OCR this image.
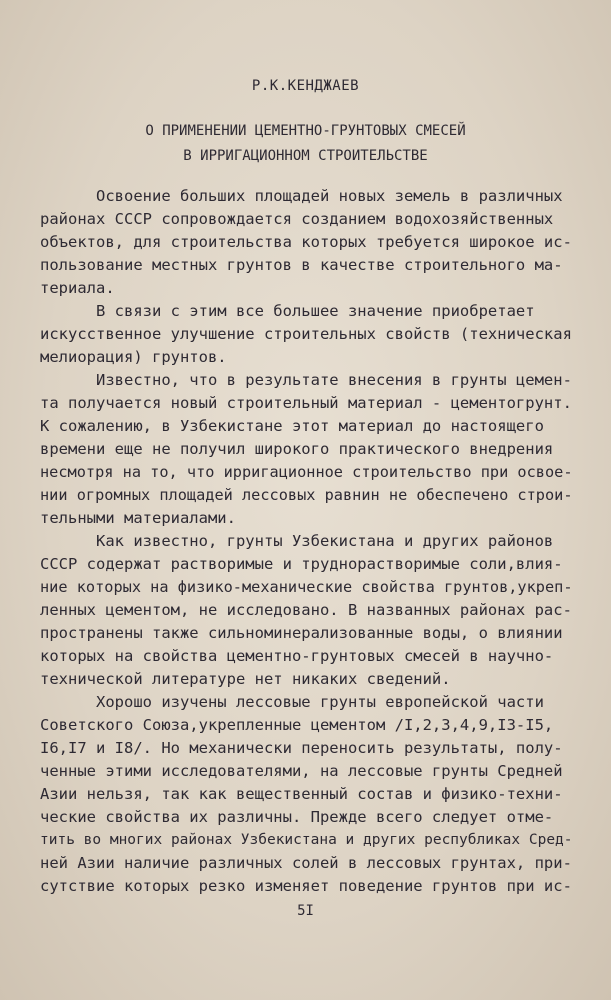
Р.К.КЕНДЖАЕВ
О ПРИМЕНЕНИИ ЦЕМЕНТНО-ГРУНТОВЫХ СМЕСЕЙ
В ИРРИГАЦИОННОМ СТРОИТЕЛЬСТВЕ
Освоение больших площадей новых земель в различных
районах СССР сопровождается созданием водохозяйственных
объектов, для строительства которых требуется широкое ис-
пользование местных грунтов в качестве строительного ма-
териала.
В связи с этим все большее значение приобретает
искусственное улучшение строительных свойств (техническая
мелиорация) грунтов.
Известно, что в результате внесения в грунты цемен-
та получается новый строительный материал - цементогрунт.
К сожалению, в Узбекистане этот материал до настоящего
времени еще не получил широкого практического внедрения
несмотря на то, что ирригационное строительство при освое-
нии огромных площадей лессовых равнин не обеспечено строи-
тельными материалами.
Как известно, грунты Узбекистана и других районов
СССР содержат растворимые и труднорастворимые соли,влия-
ние которых на физико-механические свойства грунтов,укреп-
ленных цементом, не исследовано. В названных районах рас-
пространены также сильноминерализованные воды, о влиянии
которых на свойства цементно-грунтовых смесей в научно-
технической литературе нет никаких сведений.
Хорошо изучены лессовые грунты европейской части
Советского Союза,укрепленные цементом /I,2,3,4,9,I3-I5,
I6,I7 и I8/. Но механически переносить результаты, полу-
ченные этими исследователями, на лессовые грунты Средней
Азии нельзя, так как вещественный состав и физико-техни-
ческие свойства их различны. Прежде всего следует отме-
тить во многих районах Узбекистана и других республиках Сред-
ней Азии наличие различных солей в лессовых грунтах, при-
сутствие которых резко изменяет поведение грунтов при ис-
5I
